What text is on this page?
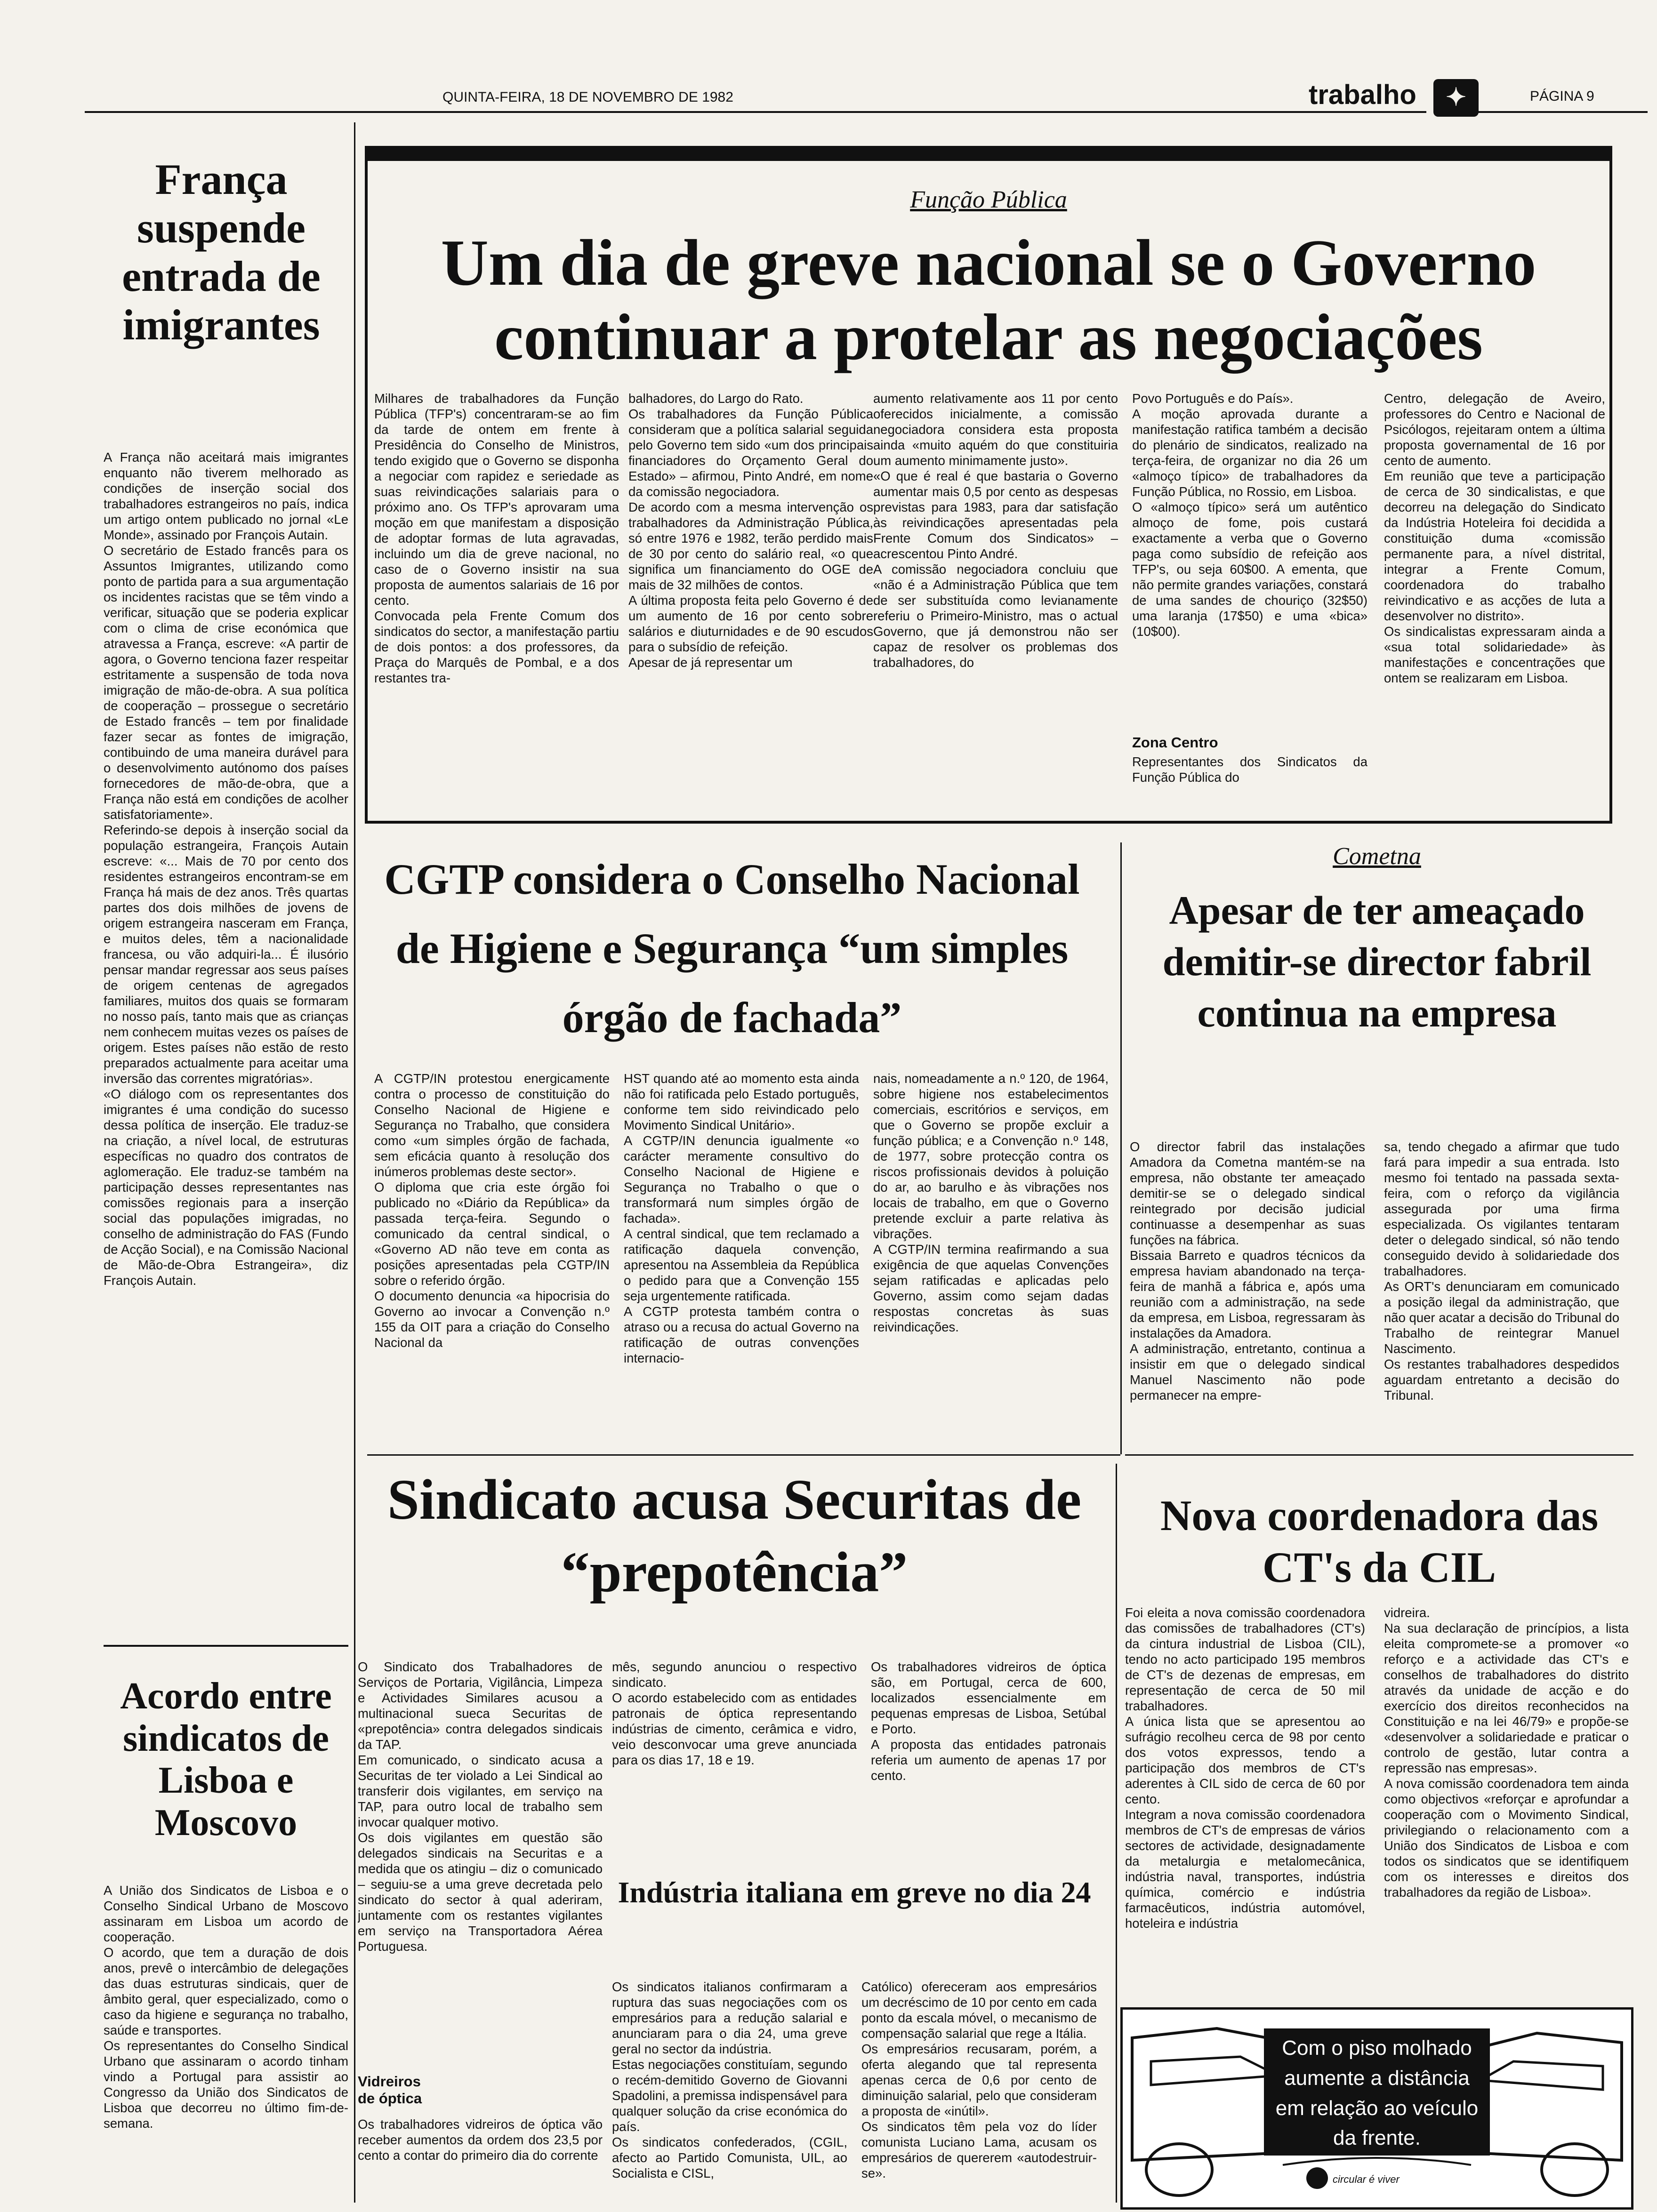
QUINTA-FEIRA, 18 DE NOVEMBRO DE 1982	trabalho	✦	PÁGINA 9
França suspende entrada de imigrantes
A França não aceitará mais imigrantes enquanto não tiverem melhorado as condições de inserção social dos trabalhadores estrangeiros no país, indica um artigo ontem publicado no jornal «Le Monde», assinado por François Autain.
O secretário de Estado francês para os Assuntos Imigrantes, utilizando como ponto de partida para a sua argumentação os incidentes racistas que se têm vindo a verificar, situação que se poderia explicar com o clima de crise económica que atravessa a França, escreve: «A partir de agora, o Governo tenciona fazer respeitar estritamente a suspensão de toda nova imigração de mão-de-obra. A sua política de cooperação – prossegue o secretário de Estado francês – tem por finalidade fazer secar as fontes de imigração, contibuindo de uma maneira durável para o desenvolvimento autónomo dos países fornecedores de mão-de-obra, que a França não está em condições de acolher satisfatoriamente».
Referindo-se depois à inserção social da população estrangeira, François Autain escreve: «... Mais de 70 por cento dos residentes estrangeiros encontram-se em França há mais de dez anos. Três quartas partes dos dois milhões de jovens de origem estrangeira nasceram em França, e muitos deles, têm a nacionalidade francesa, ou vão adquiri-la... É ilusório pensar mandar regressar aos seus países de origem centenas de agregados familiares, muitos dos quais se formaram no nosso país, tanto mais que as crianças nem conhecem muitas vezes os países de origem. Estes países não estão de resto preparados actualmente para aceitar uma inversão das correntes migratórias».
«O diálogo com os representantes dos imigrantes é uma condição do sucesso dessa política de inserção. Ele traduz-se na criação, a nível local, de estruturas específicas no quadro dos contratos de aglomeração. Ele traduz-se também na participação desses representantes nas comissões regionais para a inserção social das populações imigradas, no conselho de administração do FAS (Fundo de Acção Social), e na Comissão Nacional de Mão-de-Obra Estrangeira», diz François Autain.
Acordo entre sindicatos de Lisboa e Moscovo
A União dos Sindicatos de Lisboa e o Conselho Sindical Urbano de Moscovo assinaram em Lisboa um acordo de cooperação.
O acordo, que tem a duração de dois anos, prevê o intercâmbio de delegações das duas estruturas sindicais, quer de âmbito geral, quer especializado, como o caso da higiene e segurança no trabalho, saúde e transportes.
Os representantes do Conselho Sindical Urbano que assinaram o acordo tinham vindo a Portugal para assistir ao Congresso da União dos Sindicatos de Lisboa que decorreu no último fim-de-semana.
Função Pública
Um dia de greve nacional se o Governo continuar a protelar as negociações
Milhares de trabalhadores da Função Pública (TFP's) concentraram-se ao fim da tarde de ontem em frente à Presidência do Conselho de Ministros, tendo exigido que o Governo se disponha a negociar com rapidez e seriedade as suas reivindicações salariais para o próximo ano. Os TFP's aprovaram uma moção em que manifestam a disposição de adoptar formas de luta agravadas, incluindo um dia de greve nacional, no caso de o Governo insistir na sua proposta de aumentos salariais de 16 por cento.
Convocada pela Frente Comum dos sindicatos do sector, a manifestação partiu de dois pontos: a dos professores, da Praça do Marquês de Pombal, e a dos restantes tra-
balhadores, do Largo do Rato.
Os trabalhadores da Função Pública consideram que a política salarial seguida pelo Governo tem sido «um dos principais financiadores do Orçamento Geral do Estado» – afirmou, Pinto André, em nome da comissão negociadora.
De acordo com a mesma intervenção os trabalhadores da Administração Pública, só entre 1976 e 1982, terão perdido mais de 30 por cento do salário real, «o que significa um financiamento do OGE de mais de 32 milhões de contos.
A última proposta feita pelo Governo é de um aumento de 16 por cento sobre salários e diuturnidades e de 90 escudos para o subsídio de refeição.
Apesar de já representar um
aumento relativamente aos 11 por cento oferecidos inicialmente, a comissão negociadora considera esta proposta ainda «muito aquém do que constituiria um aumento minimamente justo».
«O que é real é que bastaria o Governo aumentar mais 0,5 por cento as despesas previstas para 1983, para dar satisfação às reivindicações apresentadas pela Frente Comum dos Sindicatos» – acrescentou Pinto André.
A comissão negociadora concluiu que «não é a Administração Pública que tem de ser substituída como levianamente referiu o Primeiro-Ministro, mas o actual Governo, que já demonstrou não ser capaz de resolver os problemas dos trabalhadores, do
Povo Português e do País».
A moção aprovada durante a manifestação ratifica também a decisão do plenário de sindicatos, realizado na terça-feira, de organizar no dia 26 um «almoço típico» de trabalhadores da Função Pública, no Rossio, em Lisboa.
O «almoço típico» será um autêntico almoço de fome, pois custará exactamente a verba que o Governo paga como subsídio de refeição aos TFP's, ou seja 60$00. A ementa, que não permite grandes variações, constará de uma sandes de chouriço (32$50) uma laranja (17$50) e uma «bica» (10$00).
Zona Centro
Representantes dos Sindicatos da Função Pública do
Centro, delegação de Aveiro, professores do Centro e Nacional de Psicólogos, rejeitaram ontem a última proposta governamental de 16 por cento de aumento.
Em reunião que teve a participação de cerca de 30 sindicalistas, e que decorreu na delegação do Sindicato da Indústria Hoteleira foi decidida a constituição duma «comissão permanente para, a nível distrital, integrar a Frente Comum, coordenadora do trabalho reivindicativo e as acções de luta a desenvolver no distrito».
Os sindicalistas expressaram ainda a «sua total solidariedade» às manifestações e concentrações que ontem se realizaram em Lisboa.
CGTP considera o Conselho Nacional de Higiene e Segurança “um simples órgão de fachada”
A CGTP/IN protestou energicamente contra o processo de constituição do Conselho Nacional de Higiene e Segurança no Trabalho, que considera como «um simples órgão de fachada, sem eficácia quanto à resolução dos inúmeros problemas deste sector».
O diploma que cria este órgão foi publicado no «Diário da República» da passada terça-feira. Segundo o comunicado da central sindical, o «Governo AD não teve em conta as posições apresentadas pela CGTP/IN sobre o referido órgão.
O documento denuncia «a hipocrisia do Governo ao invocar a Convenção n.º 155 da OIT para a criação do Conselho Nacional da
HST quando até ao momento esta ainda não foi ratificada pelo Estado português, conforme tem sido reivindicado pelo Movimento Sindical Unitário».
A CGTP/IN denuncia igualmente «o carácter meramente consultivo do Conselho Nacional de Higiene e Segurança no Trabalho o que o transformará num simples órgão de fachada».
A central sindical, que tem reclamado a ratificação daquela convenção, apresentou na Assembleia da República o pedido para que a Convenção 155 seja urgentemente ratificada.
A CGTP protesta também contra o atraso ou a recusa do actual Governo na ratificação de outras convenções internacio-
nais, nomeadamente a n.º 120, de 1964, sobre higiene nos estabelecimentos comerciais, escritórios e serviços, em que o Governo se propõe excluir a função pública; e a Convenção n.º 148, de 1977, sobre protecção contra os riscos profissionais devidos à poluição do ar, ao barulho e às vibrações nos locais de trabalho, em que o Governo pretende excluir a parte relativa às vibrações.
A CGTP/IN termina reafirmando a sua exigência de que aquelas Convenções sejam ratificadas e aplicadas pelo Governo, assim como sejam dadas respostas concretas às suas reivindicações.
Cometna
Apesar de ter ameaçado demitir-se director fabril continua na empresa
O director fabril das instalações Amadora da Cometna mantém-se na empresa, não obstante ter ameaçado demitir-se se o delegado sindical reintegrado por decisão judicial continuasse a desempenhar as suas funções na fábrica.
Bissaia Barreto e quadros técnicos da empresa haviam abandonado na terça-feira de manhã a fábrica e, após uma reunião com a administração, na sede da empresa, em Lisboa, regressaram às instalações da Amadora.
A administração, entretanto, continua a insistir em que o delegado sindical Manuel Nascimento não pode permanecer na empre-
sa, tendo chegado a afirmar que tudo fará para impedir a sua entrada. Isto mesmo foi tentado na passada sexta-feira, com o reforço da vigilância assegurada por uma firma especializada. Os vigilantes tentaram deter o delegado sindical, só não tendo conseguido devido à solidariedade dos trabalhadores.
As ORT's denunciaram em comunicado a posição ilegal da administração, que não quer acatar a decisão do Tribunal do Trabalho de reintegrar Manuel Nascimento.
Os restantes trabalhadores despedidos aguardam entretanto a decisão do Tribunal.
Sindicato acusa Securitas de “prepotência”
O Sindicato dos Trabalhadores de Serviços de Portaria, Vigilância, Limpeza e Actividades Similares acusou a multinacional sueca Securitas de «prepotência» contra delegados sindicais da TAP.
Em comunicado, o sindicato acusa a Securitas de ter violado a Lei Sindical ao transferir dois vigilantes, em serviço na TAP, para outro local de trabalho sem invocar qualquer motivo.
Os dois vigilantes em questão são delegados sindicais na Securitas e a medida que os atingiu – diz o comunicado – seguiu-se a uma greve decretada pelo sindicato do sector à qual aderiram, juntamente com os restantes vigilantes em serviço na Transportadora Aérea Portuguesa.
Vidreiros de óptica
Os trabalhadores vidreiros de óptica vão receber aumentos da ordem dos 23,5 por cento a contar do primeiro dia do corrente
mês, segundo anunciou o respectivo sindicato.
O acordo estabelecido com as entidades patronais de óptica representando indústrias de cimento, cerâmica e vidro, veio desconvocar uma greve anunciada para os dias 17, 18 e 19.
Os trabalhadores vidreiros de óptica são, em Portugal, cerca de 600, localizados essencialmente em pequenas empresas de Lisboa, Setúbal e Porto.
A proposta das entidades patronais referia um aumento de apenas 17 por cento.
Indústria italiana em greve no dia 24
Os sindicatos italianos confirmaram a ruptura das suas negociações com os empresários para a redução salarial e anunciaram para o dia 24, uma greve geral no sector da indústria.
Estas negociações constituíam, segundo o recém-demitido Governo de Giovanni Spadolini, a premissa indispensável para qualquer solução da crise económica do país.
Os sindicatos confederados, (CGIL, afecto ao Partido Comunista, UIL, ao Socialista e CISL,
Católico) ofereceram aos empresários um decréscimo de 10 por cento em cada ponto da escala móvel, o mecanismo de compensação salarial que rege a Itália.
Os empresários recusaram, porém, a oferta alegando que tal representa apenas cerca de 0,6 por cento de diminuição salarial, pelo que consideram a proposta de «inútil».
Os sindicatos têm pela voz do líder comunista Luciano Lama, acusam os empresários de quererem «autodestruir-se».
Nova coordenadora das CT's da CIL
Foi eleita a nova comissão coordenadora das comissões de trabalhadores (CT's) da cintura industrial de Lisboa (CIL), tendo no acto participado 195 membros de CT's de dezenas de empresas, em representação de cerca de 50 mil trabalhadores.
A única lista que se apresentou ao sufrágio recolheu cerca de 98 por cento dos votos expressos, tendo a participação dos membros de CT's aderentes à CIL sido de cerca de 60 por cento.
Integram a nova comissão coordenadora membros de CT's de empresas de vários sectores de actividade, designadamente da metalurgia e metalomecânica, indústria naval, transportes, indústria química, comércio e indústria farmacêuticos, indústria automóvel, hoteleira e indústria
vidreira.
Na sua declaração de princípios, a lista eleita compromete-se a promover «o reforço e a actividade das CT's e conselhos de trabalhadores do distrito através da unidade de acção e do exercício dos direitos reconhecidos na Constituição e na lei 46/79» e propõe-se «desenvolver a solidariedade e praticar o controlo de gestão, lutar contra a repressão nas empresas».
A nova comissão coordenadora tem ainda como objectivos «reforçar e aprofundar a cooperação com o Movimento Sindical, privilegiando o relacionamento com a União dos Sindicatos de Lisboa e com todos os sindicatos que se identifiquem com os interesses e direitos dos trabalhadores da região de Lisboa».
Com o piso molhado aumente a distância em relação ao veículo da frente.
circular é viver
